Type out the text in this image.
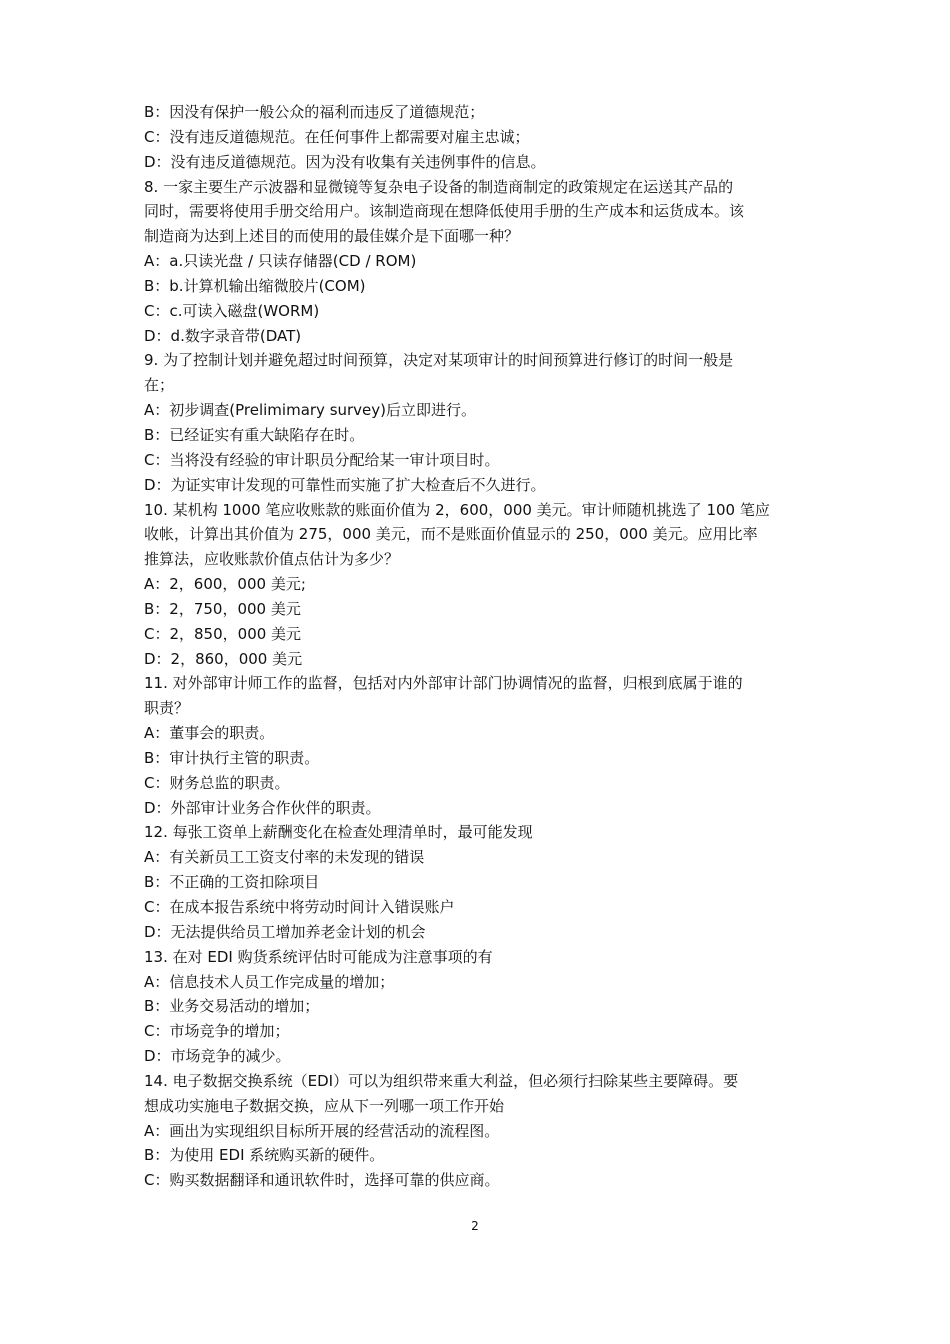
B：因没有保护一般公众的福利而违反了道德规范；
C：没有违反道德规范。在任何事件上都需要对雇主忠诚；
D：没有违反道德规范。因为没有收集有关违例事件的信息。
8. 一家主要生产示波器和显微镜等复杂电子设备的制造商制定的政策规定在运送其产品的
同时，需要将使用手册交给用户。该制造商现在想降低使用手册的生产成本和运货成本。该
制造商为达到上述目的而使用的最佳媒介是下面哪一种？
A：a.只读光盘 / 只读存储器(CD / ROM)
B：b.计算机输出缩微胶片(COM)
C：c.可读入磁盘(WORM)
D：d.数字录音带(DAT)
9. 为了控制计划并避免超过时间预算，决定对某项审计的时间预算进行修订的时间一般是
在；
A：初步调查(Prelimimary survey)后立即进行。
B：已经证实有重大缺陷存在时。
C：当将没有经验的审计职员分配给某一审计项目时。
D：为证实审计发现的可靠性而实施了扩大检查后不久进行。
10. 某机构 1000 笔应收账款的账面价值为 2，600，000 美元。审计师随机挑选了 100 笔应
收帐，计算出其价值为 275，000 美元，而不是账面价值显示的 250，000 美元。应用比率
推算法，应收账款价值点估计为多少？
A：2，600，000 美元;
B：2，750，000 美元
C：2，850，000 美元
D：2，860，000 美元
11. 对外部审计师工作的监督，包括对内外部审计部门协调情况的监督，归根到底属于谁的
职责？
A：董事会的职责。
B：审计执行主管的职责。
C：财务总监的职责。
D：外部审计业务合作伙伴的职责。
12. 每张工资单上薪酬变化在检查处理清单时，最可能发现
A：有关新员工工资支付率的未发现的错误
B：不正确的工资扣除项目
C：在成本报告系统中将劳动时间计入错误账户
D：无法提供给员工增加养老金计划的机会
13. 在对 EDI 购货系统评估时可能成为注意事项的有
A：信息技术人员工作完成量的增加；
B：业务交易活动的增加；
C：市场竞争的增加；
D：市场竞争的减少。
14. 电子数据交换系统（EDI）可以为组织带来重大利益，但必须行扫除某些主要障碍。要
想成功实施电子数据交换，应从下一列哪一项工作开始
A：画出为实现组织目标所开展的经营活动的流程图。
B：为使用 EDI 系统购买新的硬件。
C：购买数据翻译和通讯软件时，选择可靠的供应商。
2
